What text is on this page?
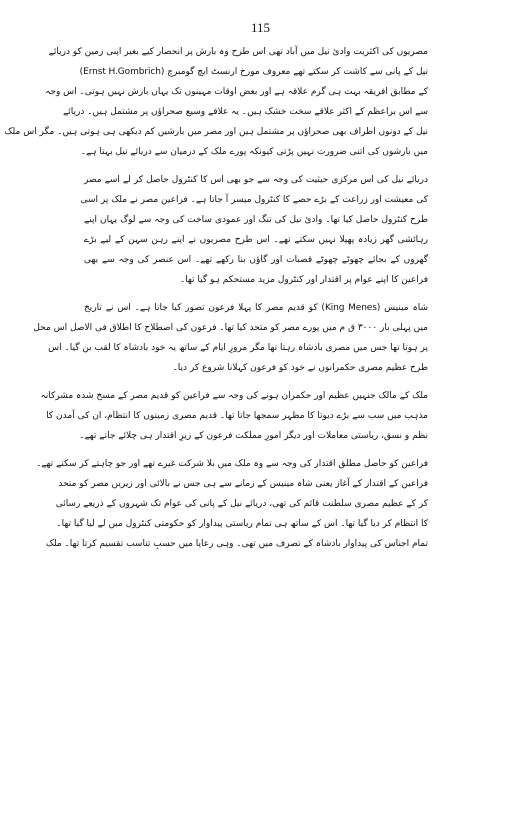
115
مصریوں کی اکثریت وادئ نیل میں آباد تھی اس طرح وہ بارش پر انحصار کیے بغیر اپنی زمین کو دریائے
نیل کے پانی سے کاشت کر سکتے تھے معروف مورخ ارنسٹ ایچ گومبرچ (Ernst H.Gombrich)
کے مطابق افریقہ بہت ہی گرم علاقہ ہے اور بعض اوقات مہینوں تک یہاں بارش نہیں ہوتی۔ اس وجہ
سے اس براعظم کے اکثر علاقے سخت خشک ہیں۔ یہ علاقے وسیع صحراؤں پر مشتمل ہیں۔ دریائے
نیل کے دونوں اطراف بھی صحراؤں پر مشتمل ہیں اور مصر میں بارشیں کم دیکھی ہی ہوتی ہیں۔ مگر اس ملک
میں بارشوں کی اتنی ضرورت نہیں پڑتی کیونکہ پورے ملک کے درمیان سے دریائے نیل بہتا ہے۔
دریائے نیل کی اس مرکزی حیثیت کی وجہ سے جو بھی اس کا کنٹرول حاصل کر لے اسے مصر
کی معیشت اور زراعت کے بڑے حصے کا کنٹرول میسر آ جاتا ہے۔ فراعین مصر نے ملک پر اسی
طرح کنٹرول حاصل کیا تھا۔ وادئ نیل کی تنگ اور عمودی ساخت کی وجہ سے لوگ یہاں اپنے
رہائشی گھر زیادہ پھیلا نہیں سکتے تھے۔ اس طرح مصریوں نے اپنے رہن سہن کے لیے بڑے
گھروں کے بجائے چھوٹے چھوٹے قصبات اور گاؤں بنا رکھے تھے۔ اس عنصر کی وجہ سے بھی
فراعین کا اپنے عوام پر اقتدار اور کنٹرول مزید مستحکم ہو گیا تھا۔
شاہ مینیس (King Menes) کو قدیم مصر کا پہلا فرعون تصور کیا جاتا ہے۔ اس نے تاریخ
میں پہلی بار ۳۰۰۰ ق م میں پورے مصر کو متحد کیا تھا۔ فرعون کی اصطلاح کا اطلاق فی الاصل اس محل
پر ہوتا تھا جس میں مصری بادشاہ رہتا تھا مگر مرورِ ایام کے ساتھ یہ خود بادشاہ کا لقب بن گیا۔ اس
طرح عظیم مصری حکمرانوں نے خود کو فرعون کہلانا شروع کر دیا۔
ملک کے مالک جنہیں عظیم اور حکمران ہونے کی وجہ سے فراعین کو قدیم مصر کے مسخ شدہ مشرکانہ
مذہب میں سب سے بڑے دیوتا کا مظہر سمجھا جاتا تھا۔ قدیم مصری زمینوں کا انتظام، ان کی آمدن کا
نظم و نسق، ریاستی معاملات اور دیگر امورِ مملکت فرعون کے زیرِ اقتدار ہی چلائے جاتے تھے۔
فراعین کو حاصل مطلق اقتدار کی وجہ سے وہ ملک میں بلا شرکت غیرے تھے اور جو چاہتے کر سکتے تھے۔
فراعین کے اقتدار کے آغاز یعنی شاہ مینیس کے زمانے سے ہی جس نے بالائی اور زیریں مصر کو متحد
کر کے عظیم مصری سلطنت قائم کی تھی، دریائے نیل کے پانی کی عوام تک شہروں کے ذریعے رسائی
کا انتظام کر دیا گیا تھا۔ اس کے ساتھ ہی تمام ریاستی پیداوار کو حکومتی کنٹرول میں لے لیا گیا تھا۔
تمام اجناس کی پیداوار بادشاہ کے تصرف میں تھی۔ وہی رعایا میں حسبِ تناسب تقسیم کرتا تھا۔ ملک
